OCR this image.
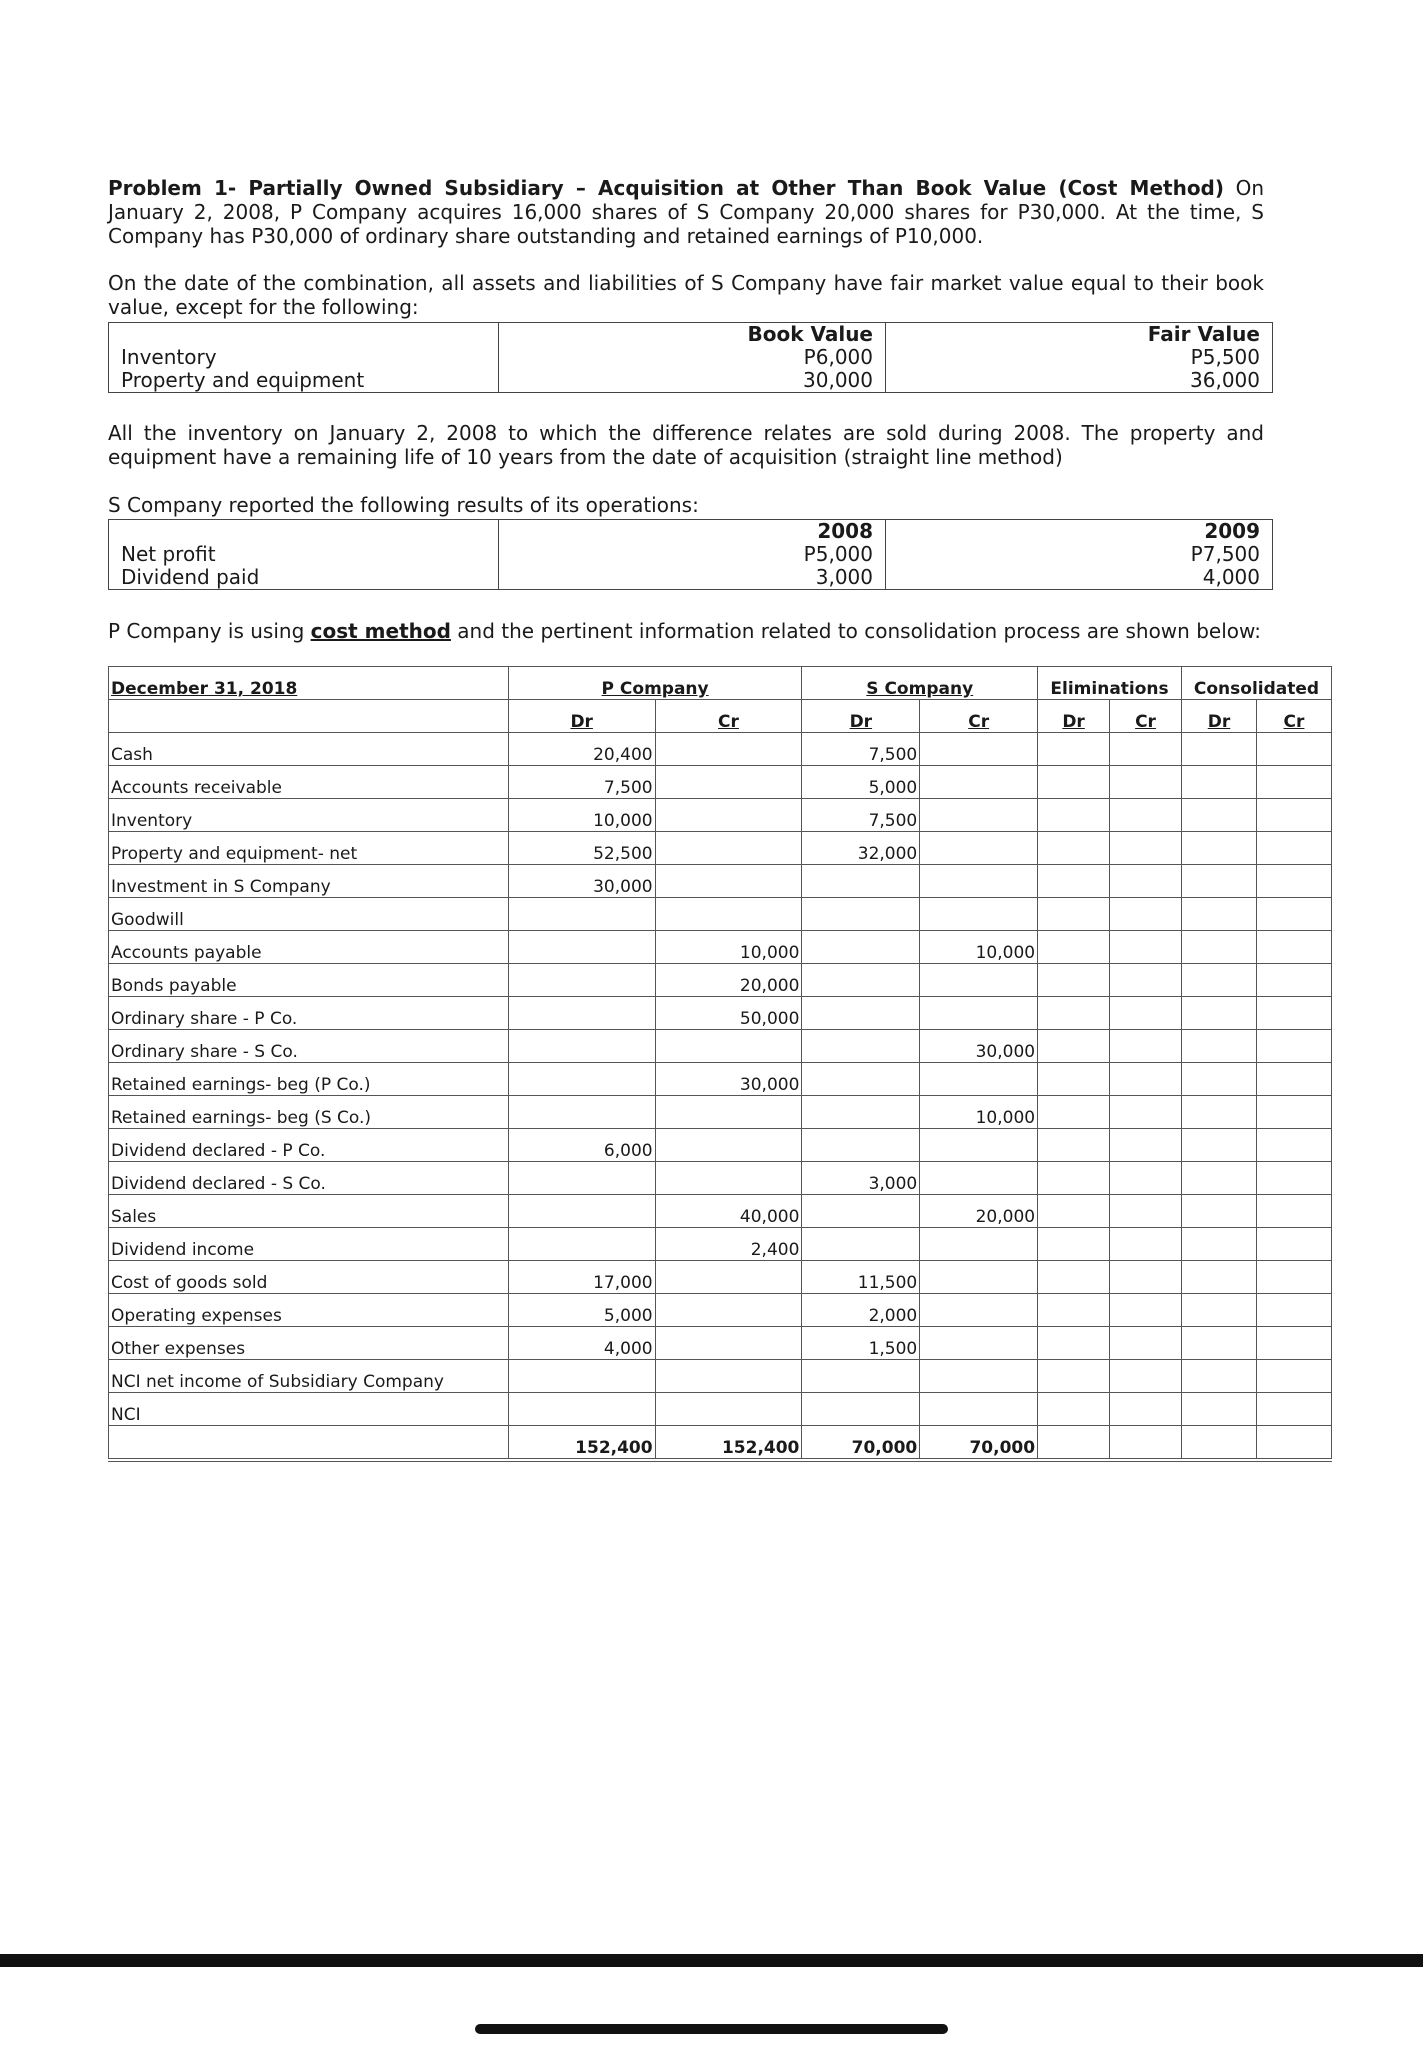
Problem 1- Partially Owned Subsidiary – Acquisition at Other Than Book Value (Cost Method) On January 2, 2008, P Company acquires 16,000 shares of S Company 20,000 shares for P30,000. At the time, S Company has P30,000 of ordinary share outstanding and retained earnings of P10,000.

On the date of the combination, all assets and liabilities of S Company have fair market value equal to their book value, except for the following:

	Book Value	Fair Value
Inventory	P6,000	P5,500
Property and equipment	30,000	36,000

All the inventory on January 2, 2008 to which the difference relates are sold during 2008. The property and equipment have a remaining life of 10 years from the date of acquisition (straight line method)

S Company reported the following results of its operations:

	2008	2009
Net profit	P5,000	P7,500
Dividend paid	3,000	4,000

P Company is using cost method and the pertinent information related to consolidation process are shown below:

December 31, 2018	P Company		S Company		Eliminations		Consolidated	
	Dr	Cr	Dr	Cr	Dr	Cr	Dr	Cr
Cash	20,400		7,500					
Accounts receivable	7,500		5,000					
Inventory	10,000		7,500					
Property and equipment- net	52,500		32,000					
Investment in S Company	30,000							
Goodwill								
Accounts payable		10,000		10,000				
Bonds payable		20,000						
Ordinary share - P Co.		50,000						
Ordinary share - S Co.				30,000				
Retained earnings- beg (P Co.)		30,000						
Retained earnings- beg (S Co.)				10,000				
Dividend declared - P Co.	6,000							
Dividend declared - S Co.			3,000					
Sales		40,000		20,000				
Dividend income		2,400						
Cost of goods sold	17,000		11,500					
Operating expenses	5,000		2,000					
Other expenses	4,000		1,500					
NCI net income of Subsidiary Company								
NCI								
	152,400	152,400	70,000	70,000				
